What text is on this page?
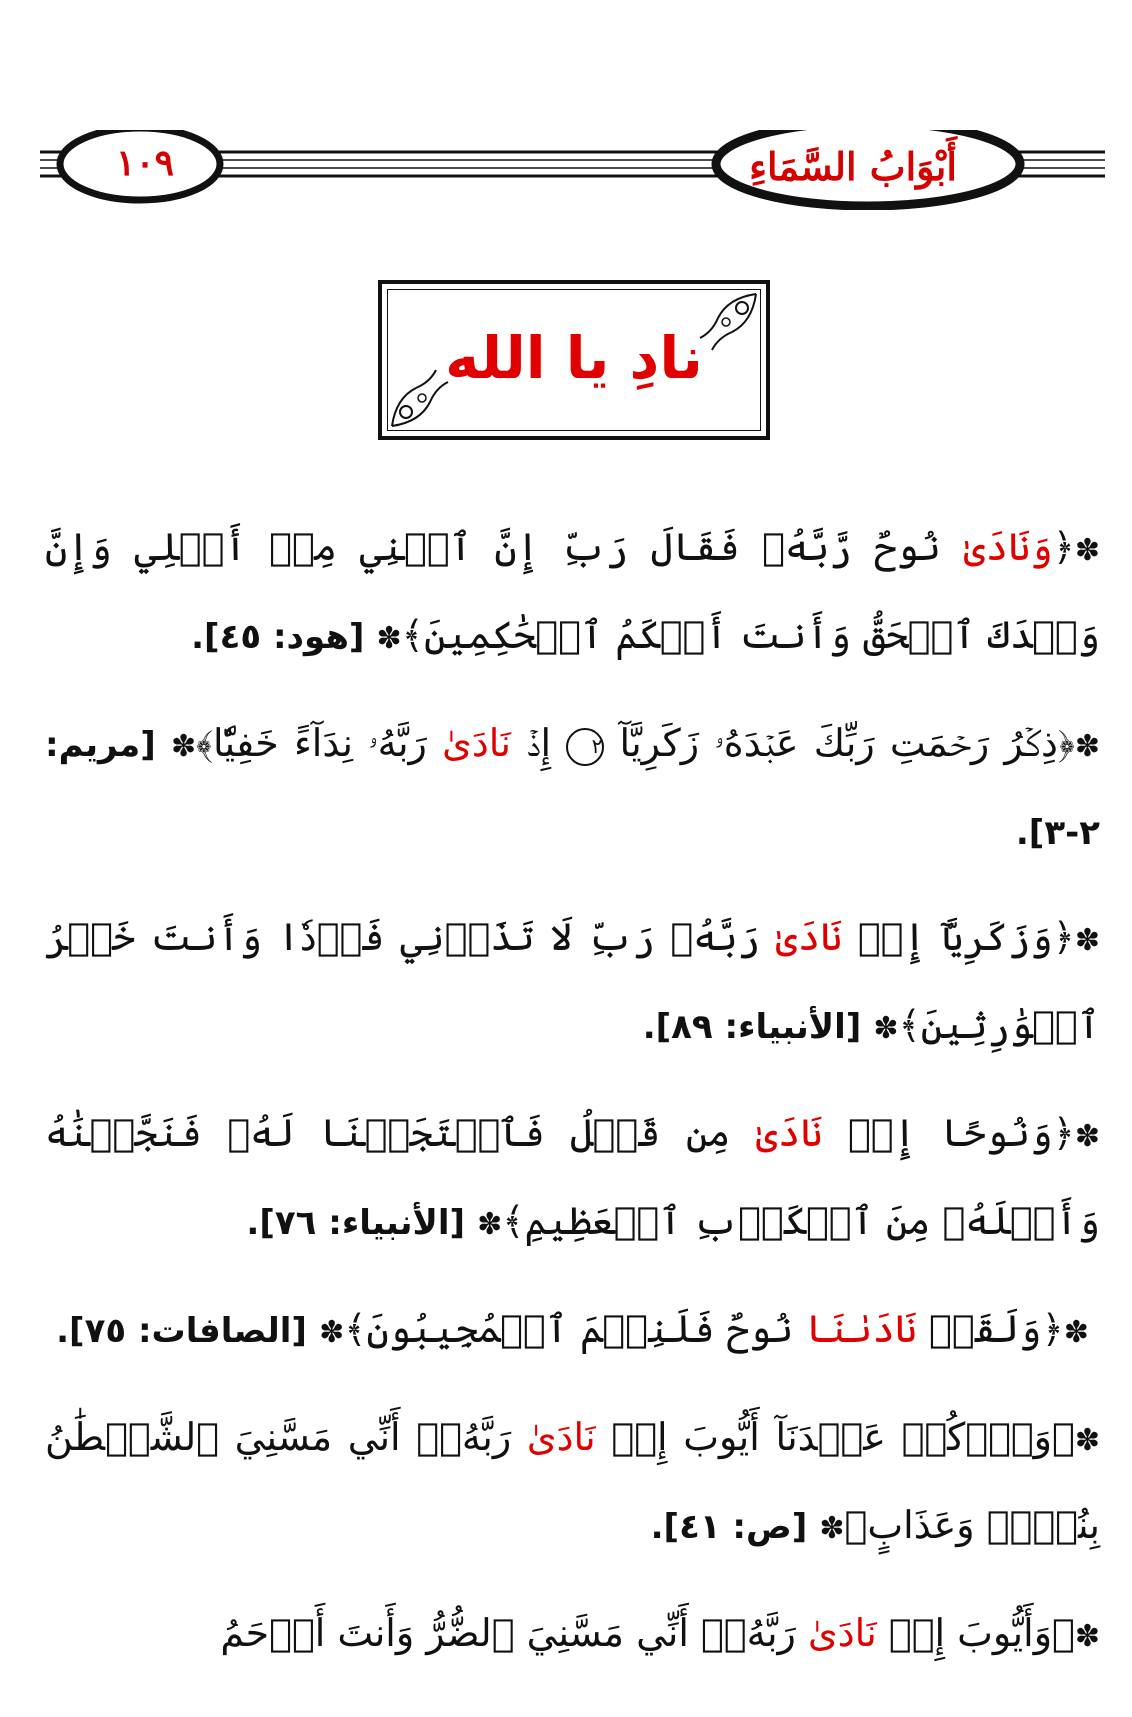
أَبْوَابُ السَّمَاءِ
١٠٩
نادِ يا الله

✽﴿وَنَادَىٰ نُوحٌ رَّبَّهُۥ فَقَالَ رَبِّ إِنَّ ٱبۡنِي مِنۡ أَهۡلِي وَإِنَّ وَعۡدَكَ ٱلۡحَقُّ وَأَنتَ أَحۡكَمُ ٱلۡحَٰكِمِينَ﴾✽ [هود: ٤٥].

✽﴿ذِكۡرُ رَحۡمَتِ رَبِّكَ عَبۡدَهُۥ زَكَرِيَّآ ٢ إِذۡ نَادَىٰ رَبَّهُۥ نِدَآءً خَفِيّٗا﴾✽ [مريم: ٢-٣].

✽﴿وَزَكَرِيَّآ إِذۡ نَادَىٰ رَبَّهُۥ رَبِّ لَا تَذَرۡنِي فَرۡدٗا وَأَنتَ خَيۡرُ ٱلۡوَٰرِثِينَ﴾✽ [الأنبياء: ٨٩].

✽﴿وَنُوحًا إِذۡ نَادَىٰ مِن قَبۡلُ فَٱسۡتَجَبۡنَا لَهُۥ فَنَجَّيۡنَٰهُ وَأَهۡلَهُۥ مِنَ ٱلۡكَرۡبِ ٱلۡعَظِيمِ﴾✽ [الأنبياء: ٧٦].

✽﴿وَلَقَدۡ نَادَىٰنَا نُوحٌ فَلَنِعۡمَ ٱلۡمُجِيبُونَ﴾✽ [الصافات: ٧٥].

✽﴿وَٱذۡكُرۡ عَبۡدَنَآ أَيُّوبَ إِذۡ نَادَىٰ رَبَّهُۥٓ أَنِّي مَسَّنِيَ ٱلشَّيۡطَٰنُ بِنُصۡبٖ وَعَذَابٍ﴾✽ [ص: ٤١].

✽﴿وَأَيُّوبَ إِذۡ نَادَىٰ رَبَّهُۥٓ أَنِّي مَسَّنِيَ ٱلضُّرُّ وَأَنتَ أَرۡحَمُ
